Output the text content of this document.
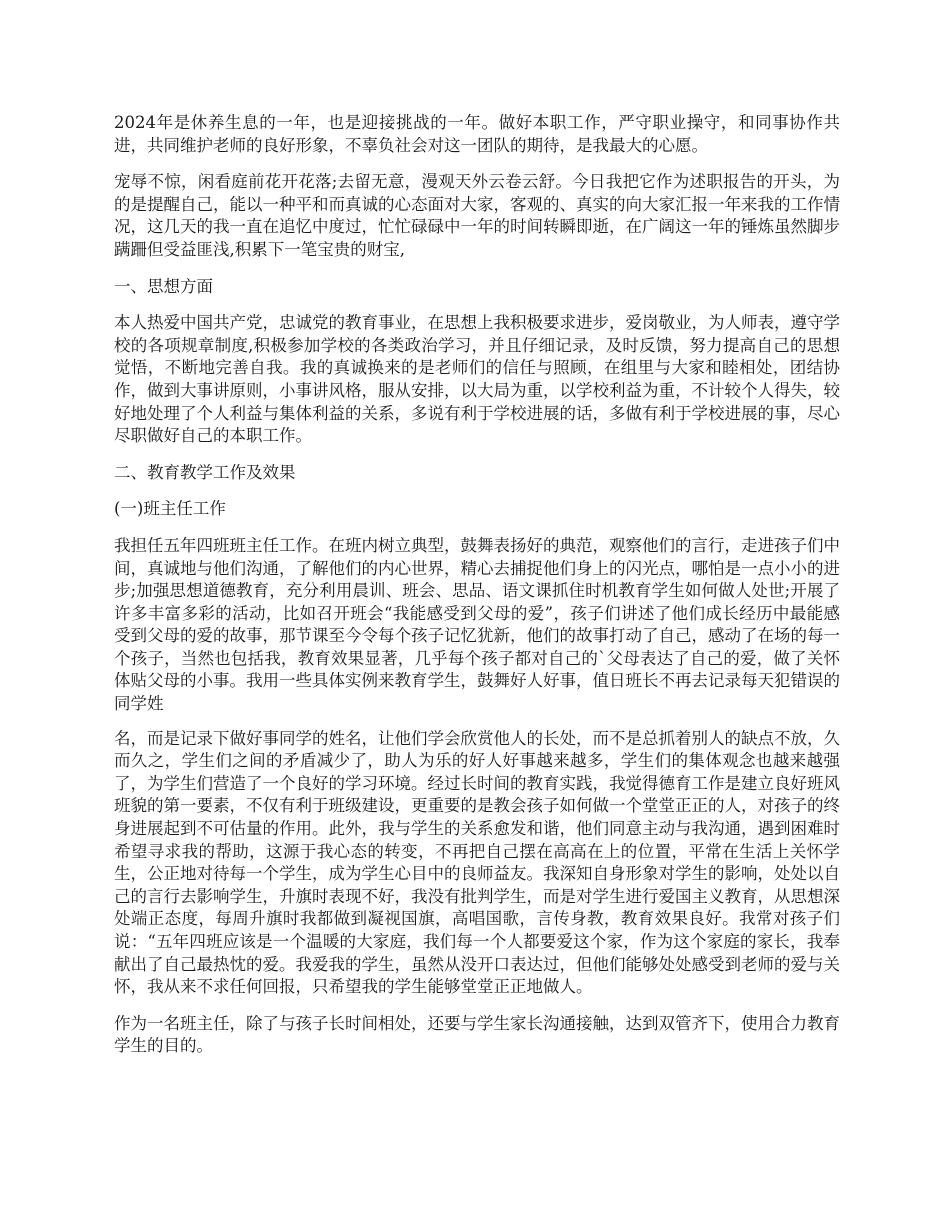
2024年是休养生息的一年，也是迎接挑战的一年。做好本职工作，严守职业操守，和同事协作共进，共同维护老师的良好形象，不辜负社会对这一团队的期待，是我最大的心愿。

宠辱不惊，闲看庭前花开花落;去留无意，漫观天外云卷云舒。今日我把它作为述职报告的开头，为的是提醒自己，能以一种平和而真诚的心态面对大家，客观的、真实的向大家汇报一年来我的工作情况，这几天的我一直在追忆中度过，忙忙碌碌中一年的时间转瞬即逝，在广阔这一年的锤炼虽然脚步蹒跚但受益匪浅,积累下一笔宝贵的财宝,

一、思想方面

本人热爱中国共产党，忠诚党的教育事业，在思想上我积极要求进步，爱岗敬业，为人师表，遵守学校的各项规章制度,积极参加学校的各类政治学习，并且仔细记录，及时反馈，努力提高自己的思想觉悟，不断地完善自我。我的真诚换来的是老师们的信任与照顾，在组里与大家和睦相处，团结协作，做到大事讲原则，小事讲风格，服从安排，以大局为重，以学校利益为重，不计较个人得失，较好地处理了个人利益与集体利益的关系，多说有利于学校进展的话，多做有利于学校进展的事，尽心尽职做好自己的本职工作。

二、教育教学工作及效果

(一)班主任工作

我担任五年四班班主任工作。在班内树立典型，鼓舞表扬好的典范，观察他们的言行，走进孩子们中间，真诚地与他们沟通，了解他们的内心世界，精心去捕捉他们身上的闪光点，哪怕是一点小小的进步;加强思想道德教育，充分利用晨训、班会、思品、语文课抓住时机教育学生如何做人处世;开展了许多丰富多彩的活动，比如召开班会“我能感受到父母的爱”，孩子们讲述了他们成长经历中最能感受到父母的爱的故事，那节课至今令每个孩子记忆犹新，他们的故事打动了自己，感动了在场的每一个孩子，当然也包括我，教育效果显著，几乎每个孩子都对自己的`父母表达了自己的爱，做了关怀体贴父母的小事。我用一些具体实例来教育学生，鼓舞好人好事，值日班长不再去记录每天犯错误的同学姓

名，而是记录下做好事同学的姓名，让他们学会欣赏他人的长处，而不是总抓着别人的缺点不放，久而久之，学生们之间的矛盾减少了，助人为乐的好人好事越来越多，学生们的集体观念也越来越强了，为学生们营造了一个良好的学习环境。经过长时间的教育实践，我觉得德育工作是建立良好班风班貌的第一要素，不仅有利于班级建设，更重要的是教会孩子如何做一个堂堂正正的人，对孩子的终身进展起到不可估量的作用。此外，我与学生的关系愈发和谐，他们同意主动与我沟通，遇到困难时希望寻求我的帮助，这源于我心态的转变，不再把自己摆在高高在上的位置，平常在生活上关怀学生，公正地对待每一个学生，成为学生心目中的良师益友。我深知自身形象对学生的影响，处处以自己的言行去影响学生，升旗时表现不好，我没有批判学生，而是对学生进行爱国主义教育，从思想深处端正态度，每周升旗时我都做到凝视国旗，高唱国歌，言传身教，教育效果良好。我常对孩子们说：“五年四班应该是一个温暖的大家庭，我们每一个人都要爱这个家，作为这个家庭的家长，我奉献出了自己最热忱的爱。我爱我的学生，虽然从没开口表达过，但他们能够处处感受到老师的爱与关怀，我从来不求任何回报，只希望我的学生能够堂堂正正地做人。

作为一名班主任，除了与孩子长时间相处，还要与学生家长沟通接触，达到双管齐下，使用合力教育学生的目的。
